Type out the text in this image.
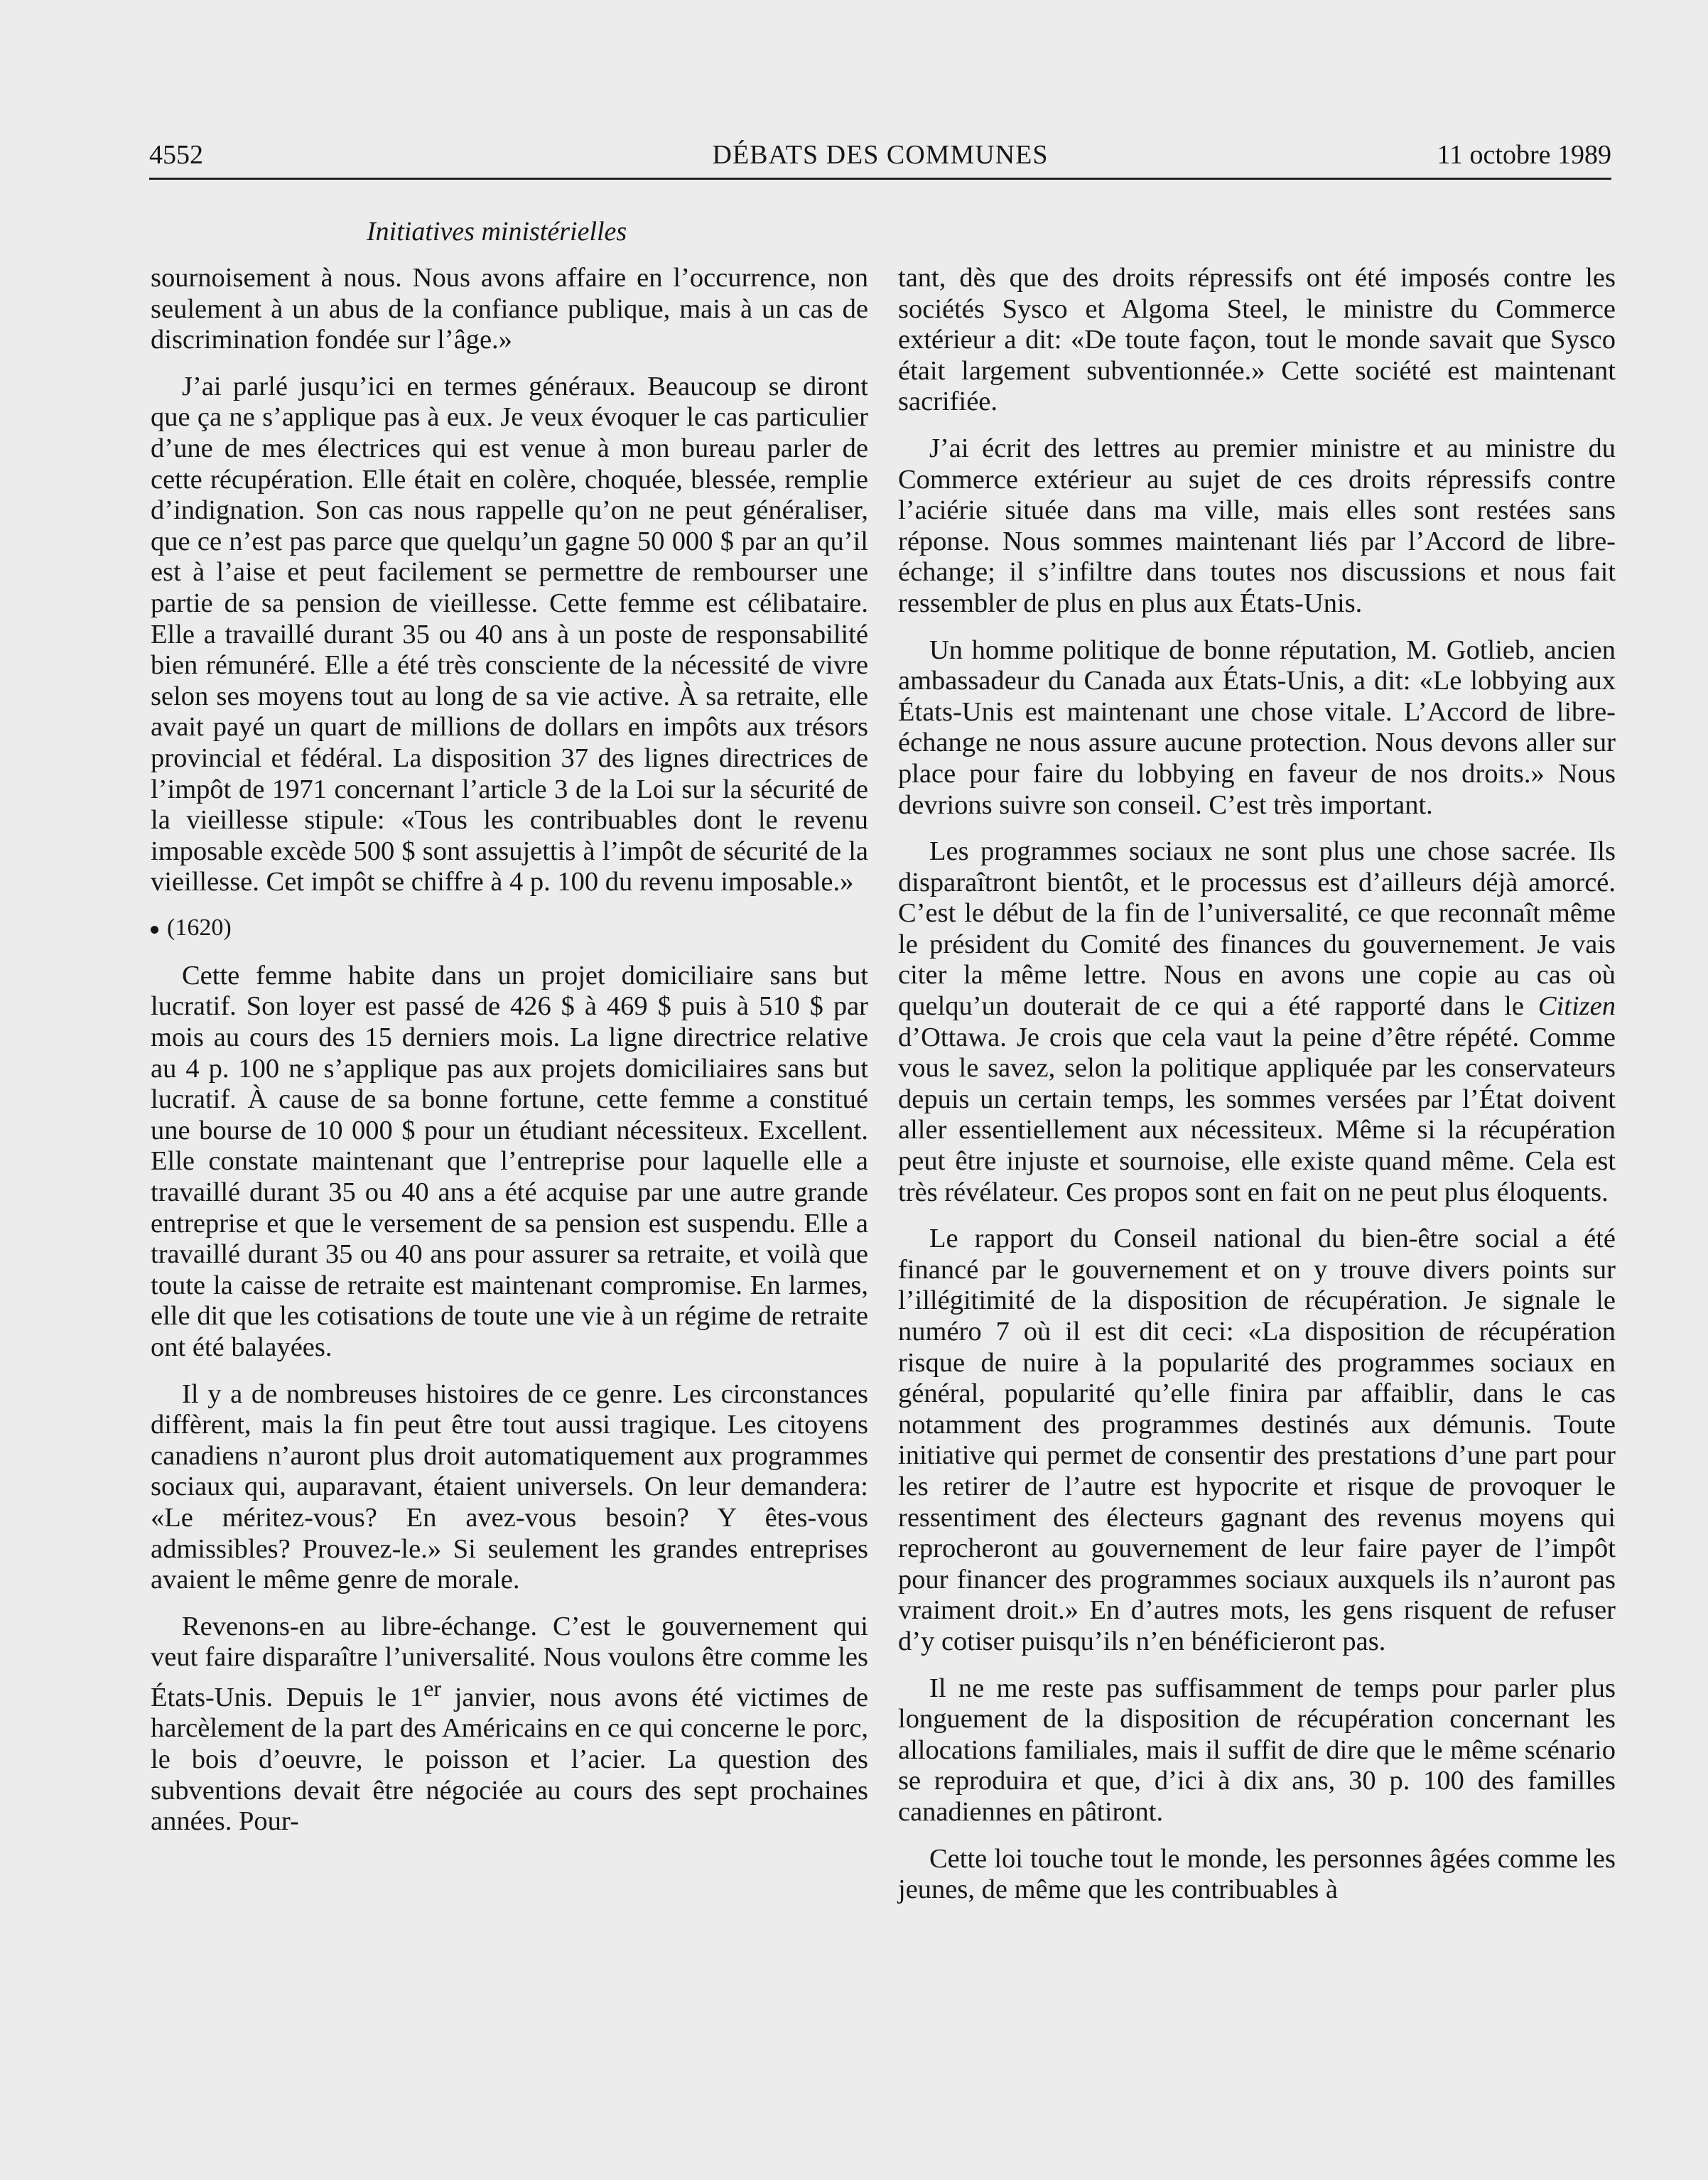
4552	DÉBATS DES COMMUNES	11 octobre 1989
Initiatives ministérielles

sournoisement à nous. Nous avons affaire en l’occurrence, non seulement à un abus de la confiance publique, mais à un cas de discrimination fondée sur l’âge.»

J’ai parlé jusqu’ici en termes généraux. Beaucoup se diront que ça ne s’applique pas à eux. Je veux évoquer le cas particulier d’une de mes électrices qui est venue à mon bureau parler de cette récupération. Elle était en colère, choquée, blessée, remplie d’indignation. Son cas nous rappelle qu’on ne peut généraliser, que ce n’est pas parce que quelqu’un gagne 50 000 $ par an qu’il est à l’aise et peut facilement se permettre de rembourser une partie de sa pension de vieillesse. Cette femme est célibataire. Elle a travaillé durant 35 ou 40 ans à un poste de responsabilité bien rémunéré. Elle a été très consciente de la nécessité de vivre selon ses moyens tout au long de sa vie active. À sa retraite, elle avait payé un quart de millions de dollars en impôts aux trésors provincial et fédéral. La disposition 37 des lignes directrices de l’impôt de 1971 concernant l’article 3 de la Loi sur la sécurité de la vieillesse stipule: «Tous les contribuables dont le revenu imposable excède 500 $ sont assujettis à l’impôt de sécurité de la vieillesse. Cet impôt se chiffre à 4 p. 100 du revenu imposable.»

(1620)

Cette femme habite dans un projet domiciliaire sans but lucratif. Son loyer est passé de 426 $ à 469 $ puis à 510 $ par mois au cours des 15 derniers mois. La ligne directrice relative au 4 p. 100 ne s’applique pas aux projets domiciliaires sans but lucratif. À cause de sa bonne fortune, cette femme a constitué une bourse de 10 000 $ pour un étudiant nécessiteux. Excellent. Elle constate maintenant que l’entreprise pour laquelle elle a travaillé durant 35 ou 40 ans a été acquise par une autre grande entreprise et que le versement de sa pension est suspendu. Elle a travaillé durant 35 ou 40 ans pour assurer sa retraite, et voilà que toute la caisse de retraite est maintenant compromise. En larmes, elle dit que les cotisations de toute une vie à un régime de retraite ont été balayées.

Il y a de nombreuses histoires de ce genre. Les circonstances diffèrent, mais la fin peut être tout aussi tragique. Les citoyens canadiens n’auront plus droit automatiquement aux programmes sociaux qui, auparavant, étaient universels. On leur demandera: «Le méritez-vous? En avez-vous besoin? Y êtes-vous admissibles? Prouvez-le.» Si seulement les grandes entreprises avaient le même genre de morale.

Revenons-en au libre-échange. C’est le gouvernement qui veut faire disparaître l’universalité. Nous voulons être comme les États-Unis. Depuis le 1er janvier, nous avons été victimes de harcèlement de la part des Américains en ce qui concerne le porc, le bois d’oeuvre, le poisson et l’acier. La question des subventions devait être négociée au cours des sept prochaines années. Pour-

tant, dès que des droits répressifs ont été imposés contre les sociétés Sysco et Algoma Steel, le ministre du Commerce extérieur a dit: «De toute façon, tout le monde savait que Sysco était largement subventionnée.» Cette société est maintenant sacrifiée.

J’ai écrit des lettres au premier ministre et au ministre du Commerce extérieur au sujet de ces droits répressifs contre l’aciérie située dans ma ville, mais elles sont restées sans réponse. Nous sommes maintenant liés par l’Accord de libre-échange; il s’infiltre dans toutes nos discussions et nous fait ressembler de plus en plus aux États-Unis.

Un homme politique de bonne réputation, M. Gotlieb, ancien ambassadeur du Canada aux États-Unis, a dit: «Le lobbying aux États-Unis est maintenant une chose vitale. L’Accord de libre-échange ne nous assure aucune protection. Nous devons aller sur place pour faire du lobbying en faveur de nos droits.» Nous devrions suivre son conseil. C’est très important.

Les programmes sociaux ne sont plus une chose sacrée. Ils disparaîtront bientôt, et le processus est d’ailleurs déjà amorcé. C’est le début de la fin de l’universalité, ce que reconnaît même le président du Comité des finances du gouvernement. Je vais citer la même lettre. Nous en avons une copie au cas où quelqu’un douterait de ce qui a été rapporté dans le Citizen d’Ottawa. Je crois que cela vaut la peine d’être répété. Comme vous le savez, selon la politique appliquée par les conservateurs depuis un certain temps, les sommes versées par l’État doivent aller essentiellement aux nécessiteux. Même si la récupération peut être injuste et sournoise, elle existe quand même. Cela est très révélateur. Ces propos sont en fait on ne peut plus éloquents.

Le rapport du Conseil national du bien-être social a été financé par le gouvernement et on y trouve divers points sur l’illégitimité de la disposition de récupération. Je signale le numéro 7 où il est dit ceci: «La disposition de récupération risque de nuire à la popularité des programmes sociaux en général, popularité qu’elle finira par affaiblir, dans le cas notamment des programmes destinés aux démunis. Toute initiative qui permet de consentir des prestations d’une part pour les retirer de l’autre est hypocrite et risque de provoquer le ressentiment des électeurs gagnant des revenus moyens qui reprocheront au gouvernement de leur faire payer de l’impôt pour financer des programmes sociaux auxquels ils n’auront pas vraiment droit.» En d’autres mots, les gens risquent de refuser d’y cotiser puisqu’ils n’en bénéficieront pas.

Il ne me reste pas suffisamment de temps pour parler plus longuement de la disposition de récupération concernant les allocations familiales, mais il suffit de dire que le même scénario se reproduira et que, d’ici à dix ans, 30 p. 100 des familles canadiennes en pâtiront.

Cette loi touche tout le monde, les personnes âgées comme les jeunes, de même que les contribuables à
